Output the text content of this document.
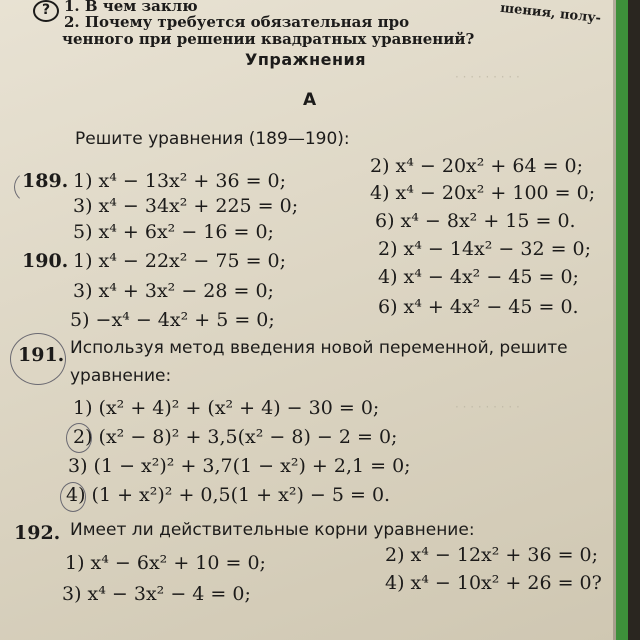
· · · · · · · · ·
· · · · · · · · ·
? 1. В чем заклю	шения, полу-
2. Почему требуется обязательная про
ченного при решении квадратных уравнений?
Упражнения
А
Решите уравнения (189—190):
189. 1) x⁴ − 13x² + 36 = 0;
3) x⁴ − 34x² + 225 = 0;
5) x⁴ + 6x² − 16 = 0;
2) x⁴ − 20x² + 64 = 0;
4) x⁴ − 20x² + 100 = 0;
6) x⁴ − 8x² + 15 = 0.
190. 1) x⁴ − 22x² − 75 = 0;
3) x⁴ + 3x² − 28 = 0;
5) −x⁴ − 4x² + 5 = 0;
2) x⁴ − 14x² − 32 = 0;
4) x⁴ − 4x² − 45 = 0;
6) x⁴ + 4x² − 45 = 0.
191. Используя метод введения новой переменной, решите
уравнение:
1) (x² + 4)² + (x² + 4) − 30 = 0;
2) (x² − 8)² + 3,5(x² − 8) − 2 = 0;
3) (1 − x²)² + 3,7(1 − x²) + 2,1 = 0;
4) (1 + x²)² + 0,5(1 + x²) − 5 = 0.
192. Имеет ли действительные корни уравнение:
1) x⁴ − 6x² + 10 = 0;
3) x⁴ − 3x² − 4 = 0;
2) x⁴ − 12x² + 36 = 0;
4) x⁴ − 10x² + 26 = 0?
